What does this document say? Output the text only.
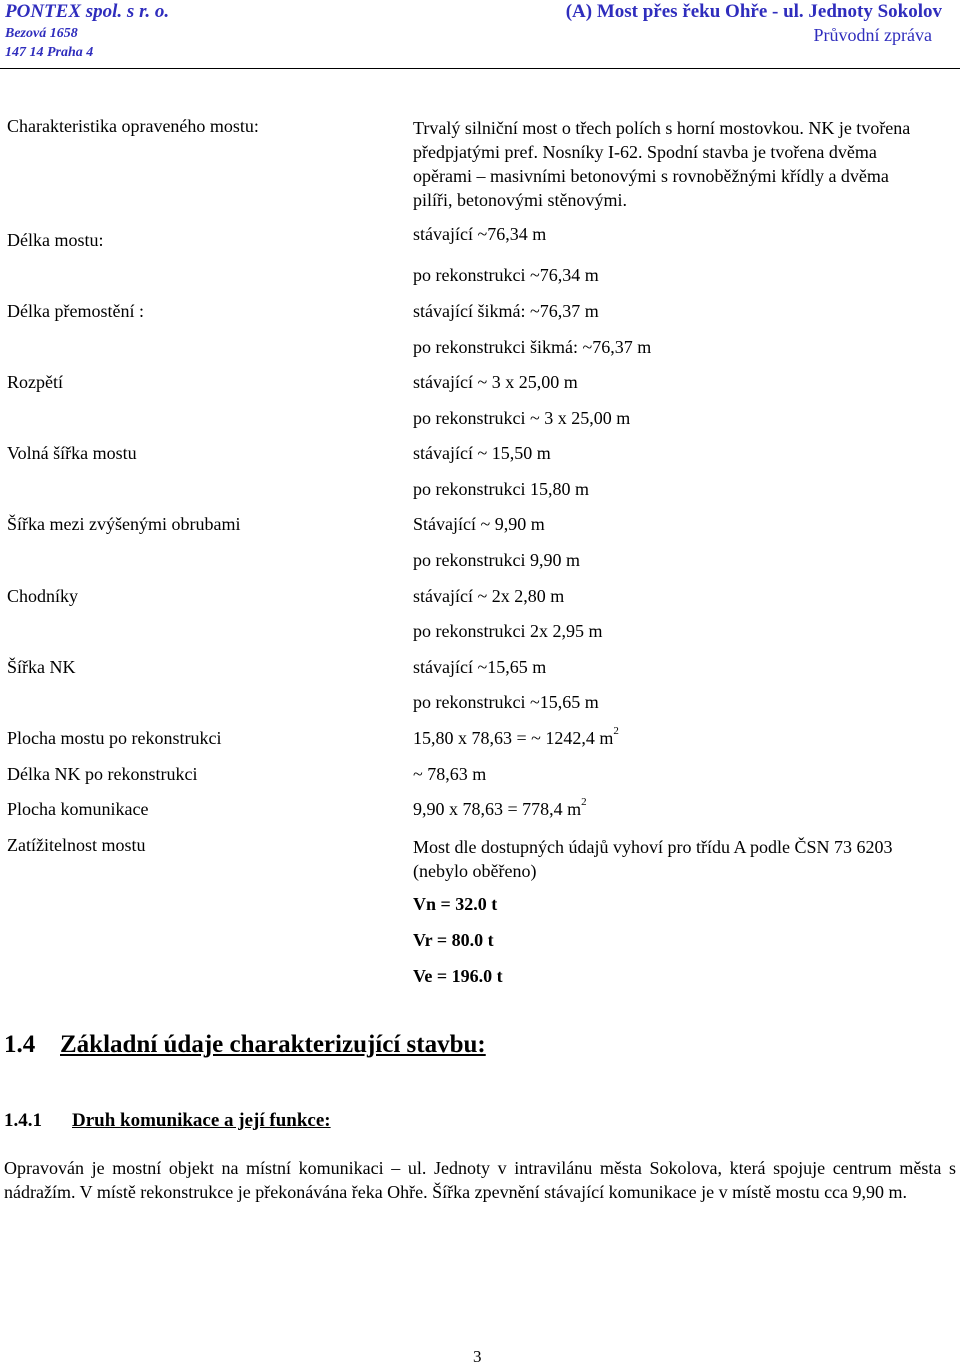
PONTEX spol. s r. o.
Bezová 1658
147 14 Praha 4
(A) Most přes řeku Ohře - ul. Jednoty Sokolov
Průvodní zpráva
Charakteristika opraveného mostu:	Trvalý silniční most o třech polích s horní mostovkou. NK je tvořena předpjatými pref. Nosníky I-62. Spodní stavba je tvořena dvěma opěrami – masivními betonovými s rovnoběžnými křídly a dvěma pilíři, betonovými stěnovými.
Délka mostu:	stávající ~76,34 m
po rekonstrukci ~76,34 m
Délka přemostění :	stávající šikmá: ~76,37 m
po rekonstrukci šikmá: ~76,37 m
Rozpětí	stávající ~ 3 x 25,00 m
po rekonstrukci ~ 3 x 25,00 m
Volná šířka mostu	stávající ~ 15,50 m
po rekonstrukci 15,80 m
Šířka mezi zvýšenými obrubami	Stávající ~ 9,90 m
po rekonstrukci 9,90 m
Chodníky	stávající ~ 2x 2,80 m
po rekonstrukci 2x 2,95 m
Šířka NK	stávající ~15,65 m
po rekonstrukci ~15,65 m
Plocha mostu po rekonstrukci	15,80 x 78,63 = ~ 1242,4 $m^2$
Délka NK po rekonstrukci	~ 78,63 m
Plocha komunikace	9,90 x 78,63 = 778,4 $m^2$
Zatížitelnost mostu	Most dle dostupných údajů vyhoví pro třídu A podle ČSN 73 6203 (nebylo oběřeno)
Vn = 32.0 t
Vr = 80.0 t
Ve = 196.0 t
1.4 Základní údaje charakterizující stavbu:
1.4.1 Druh komunikace a její funkce:
Opravován je mostní objekt na místní komunikaci – ul. Jednoty v intravilánu města Sokolova, která spojuje centrum města s nádražím. V místě rekonstrukce je překonávána řeka Ohře. Šířka zpevnění stávající komunikace je v místě mostu cca 9,90 m.
3
